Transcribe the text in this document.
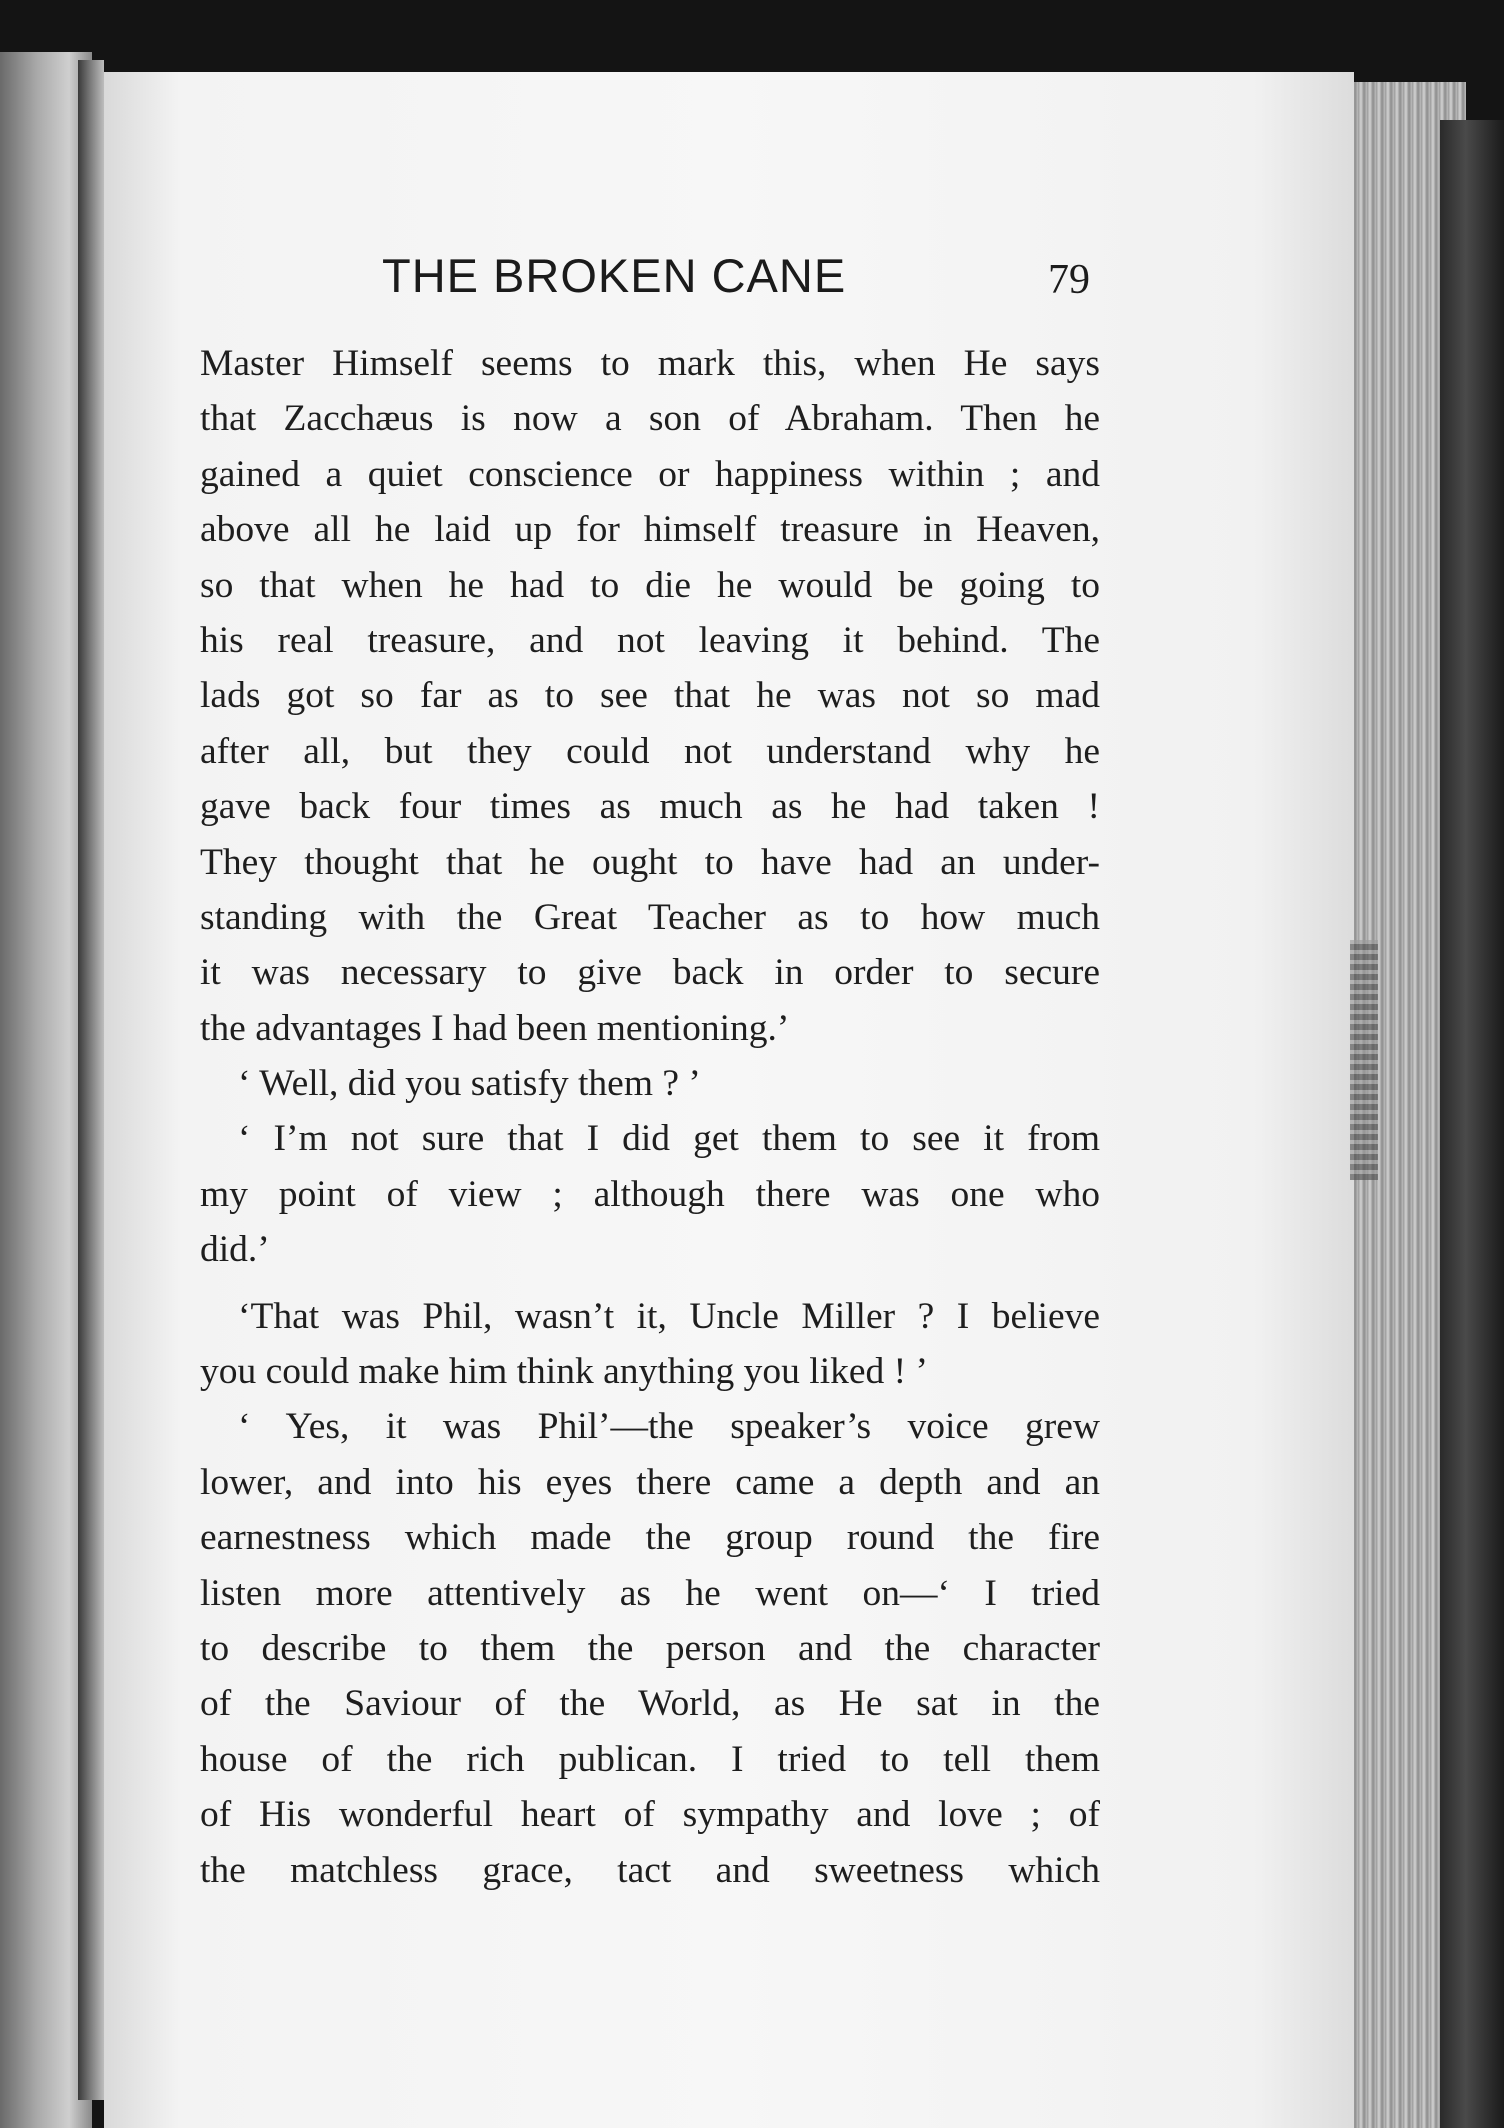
THE BROKEN CANE	79
Master Himself seems to mark this, when He says
that Zacchæus is now a son of Abraham. Then he
gained a quiet conscience or happiness within ; and
above all he laid up for himself treasure in Heaven,
so that when he had to die he would be going to
his real treasure, and not leaving it behind. The
lads got so far as to see that he was not so mad
after all, but they could not understand why he
gave back four times as much as he had taken !
They thought that he ought to have had an under-
standing with the Great Teacher as to how much
it was necessary to give back in order to secure
the advantages I had been mentioning.’
‘ Well, did you satisfy them ? ’
‘ I’m not sure that I did get them to see it from
my point of view ; although there was one who
did.’
‘That was Phil, wasn’t it, Uncle Miller ? I believe
you could make him think anything you liked ! ’
‘ Yes, it was Phil’—the speaker’s voice grew
lower, and into his eyes there came a depth and an
earnestness which made the group round the fire
listen more attentively as he went on—‘ I tried
to describe to them the person and the character
of the Saviour of the World, as He sat in the
house of the rich publican. I tried to tell them
of His wonderful heart of sympathy and love ; of
the matchless grace, tact and sweetness which
